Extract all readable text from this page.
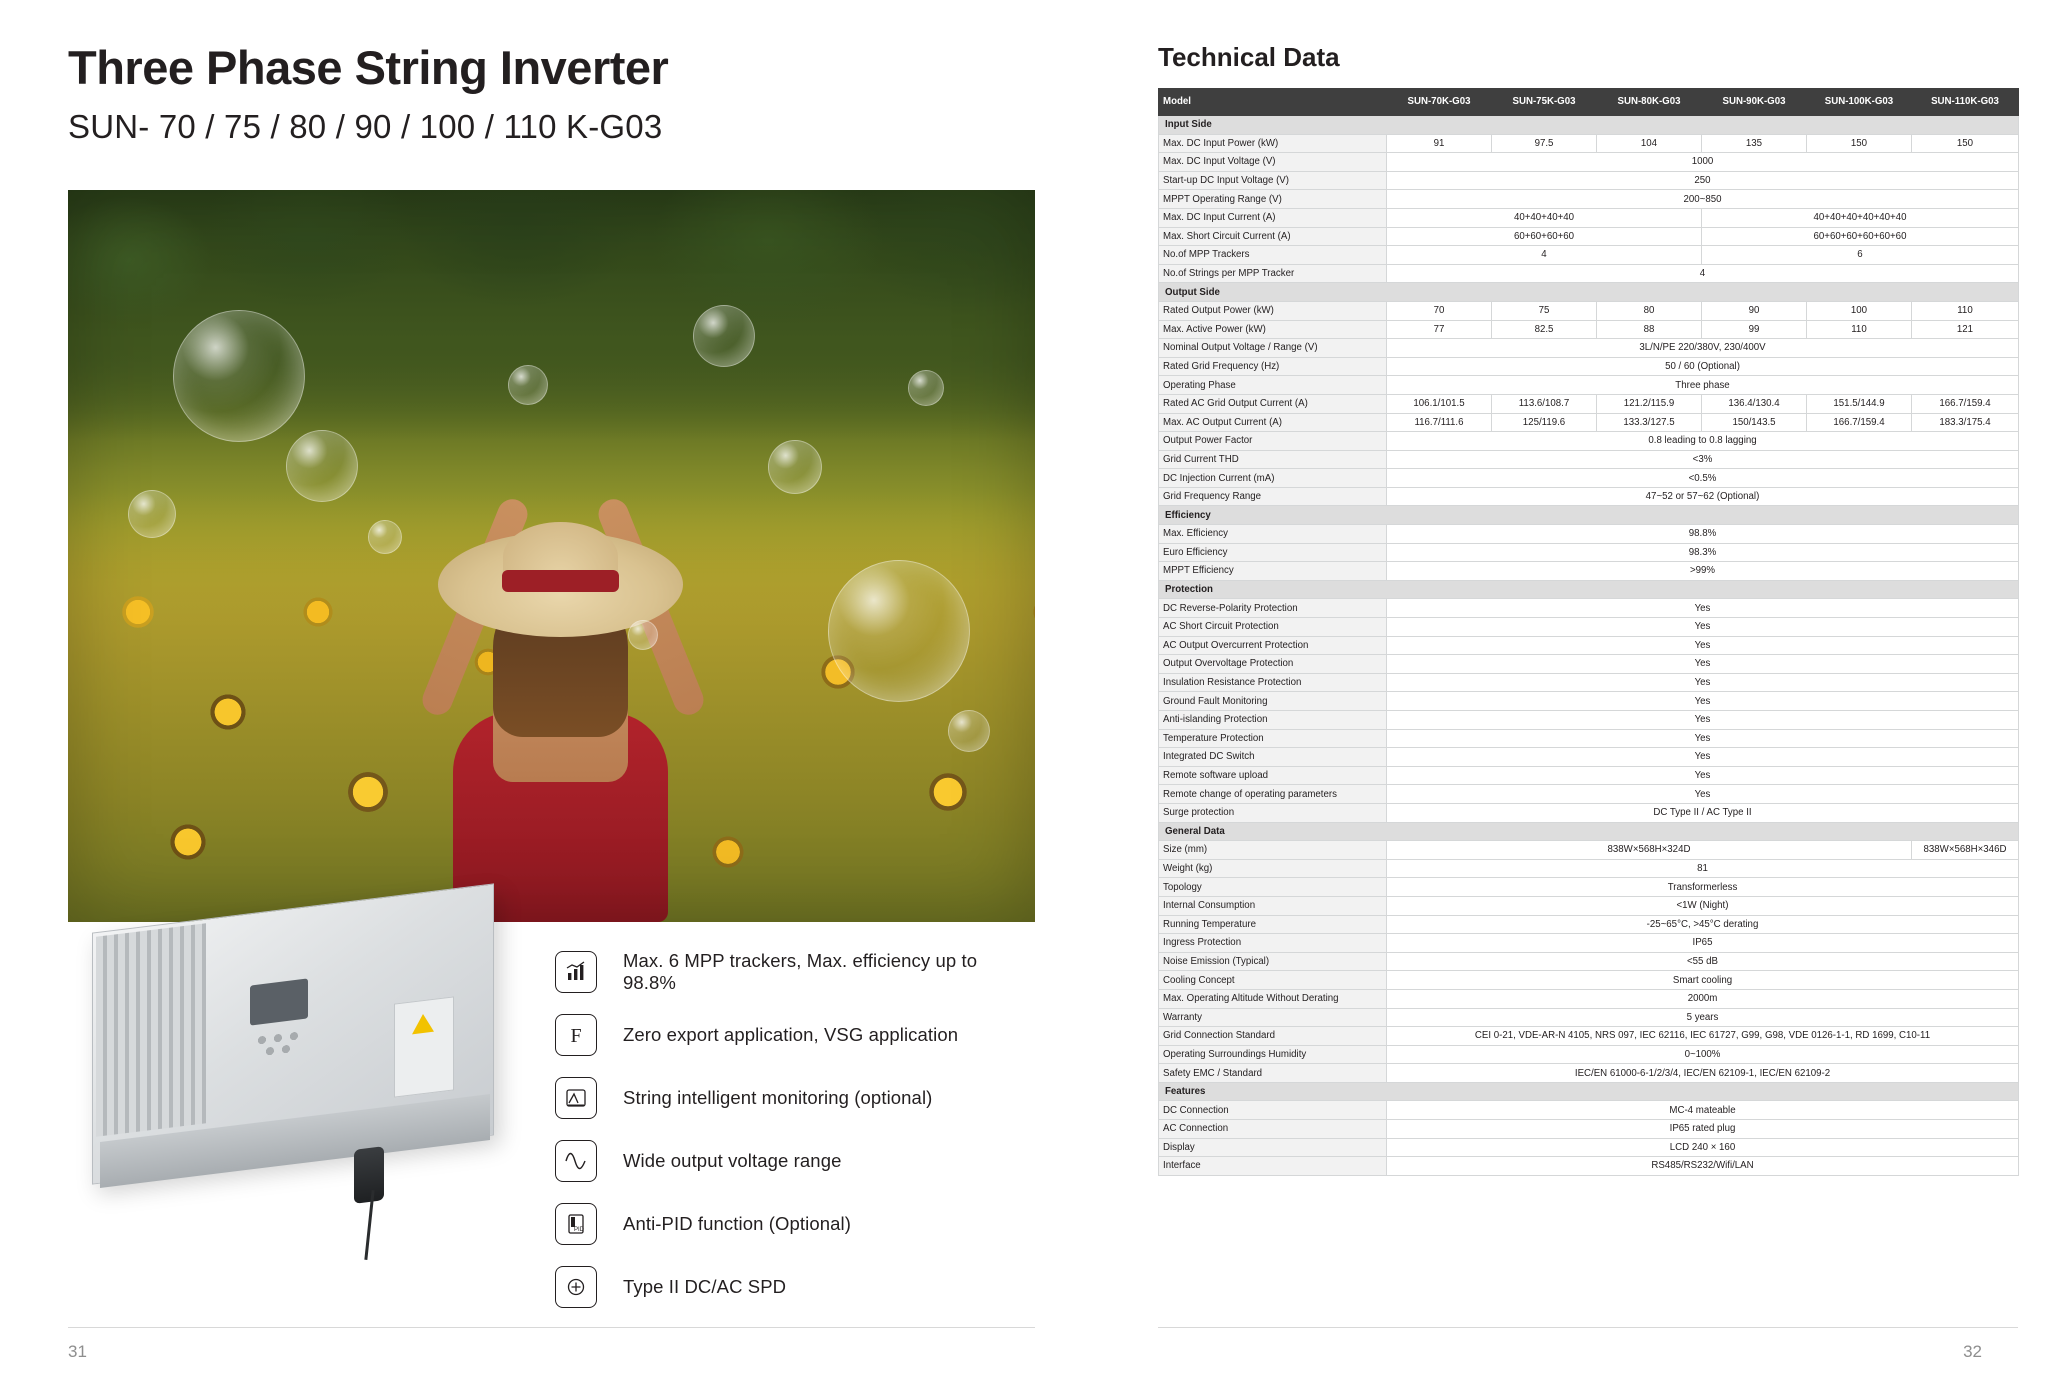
Three Phase String Inverter
SUN- 70 / 75 / 80 / 90 / 100 / 110 K-G03
Max. 6 MPP trackers, Max. efficiency up to 98.8%
F Zero export application, VSG application
String intelligent monitoring (optional)
Wide output voltage range
PID Anti-PID function (Optional)
Type II DC/AC SPD
31
Technical Data
Model	SUN-70K-G03	SUN-75K-G03	SUN-80K-G03	SUN-90K-G03	SUN-100K-G03	SUN-110K-G03
Input Side						
Max. DC Input Power (kW)	91	97.5	104	135	150	150
Max. DC Input Voltage (V)	1000					
Start-up DC Input Voltage (V)	250					
MPPT Operating Range (V)	200~850					
Max. DC Input Current (A)	40+40+40+40			40+40+40+40+40+40		
Max. Short Circuit Current (A)	60+60+60+60			60+60+60+60+60+60		
No.of MPP Trackers	4			6		
No.of Strings per MPP Tracker	4					
Output Side						
Rated Output Power (kW)	70	75	80	90	100	110
Max. Active Power (kW)	77	82.5	88	99	110	121
Nominal Output Voltage / Range (V)	3L/N/PE 220/380V, 230/400V					
Rated Grid Frequency (Hz)	50 / 60 (Optional)					
Operating Phase	Three phase					
Rated AC Grid Output Current (A)	106.1/101.5	113.6/108.7	121.2/115.9	136.4/130.4	151.5/144.9	166.7/159.4
Max. AC Output Current (A)	116.7/111.6	125/119.6	133.3/127.5	150/143.5	166.7/159.4	183.3/175.4
Output Power Factor	0.8 leading to 0.8 lagging					
Grid Current THD	<3%					
DC Injection Current (mA)	<0.5%					
Grid Frequency Range	47~52 or 57~62 (Optional)					
Efficiency						
Max. Efficiency	98.8%					
Euro Efficiency	98.3%					
MPPT Efficiency	>99%					
Protection						
DC Reverse-Polarity Protection	Yes					
AC Short Circuit Protection	Yes					
AC Output Overcurrent Protection	Yes					
Output Overvoltage Protection	Yes					
Insulation Resistance Protection	Yes					
Ground Fault Monitoring	Yes					
Anti-islanding Protection	Yes					
Temperature Protection	Yes					
Integrated DC Switch	Yes					
Remote software upload	Yes					
Remote change of operating parameters	Yes					
Surge protection	DC Type II / AC Type II					
General Data						
Size (mm)	838W×568H×324D					838W×568H×346D
Weight (kg)	81					
Topology	Transformerless					
Internal Consumption	<1W (Night)					
Running Temperature	-25~65°C, >45°C derating					
Ingress Protection	IP65					
Noise Emission (Typical)	<55 dB					
Cooling Concept	Smart cooling					
Max. Operating Altitude Without Derating	2000m					
Warranty	5 years					
Grid Connection Standard	CEI 0-21, VDE-AR-N 4105, NRS 097, IEC 62116, IEC 61727, G99, G98, VDE 0126-1-1, RD 1699, C10-11					
Operating Surroundings Humidity	0~100%					
Safety EMC / Standard	IEC/EN 61000-6-1/2/3/4, IEC/EN 62109-1, IEC/EN 62109-2					
Features						
DC Connection	MC-4 mateable					
AC Connection	IP65 rated plug					
Display	LCD 240 × 160					
Interface	RS485/RS232/Wifi/LAN					
32
